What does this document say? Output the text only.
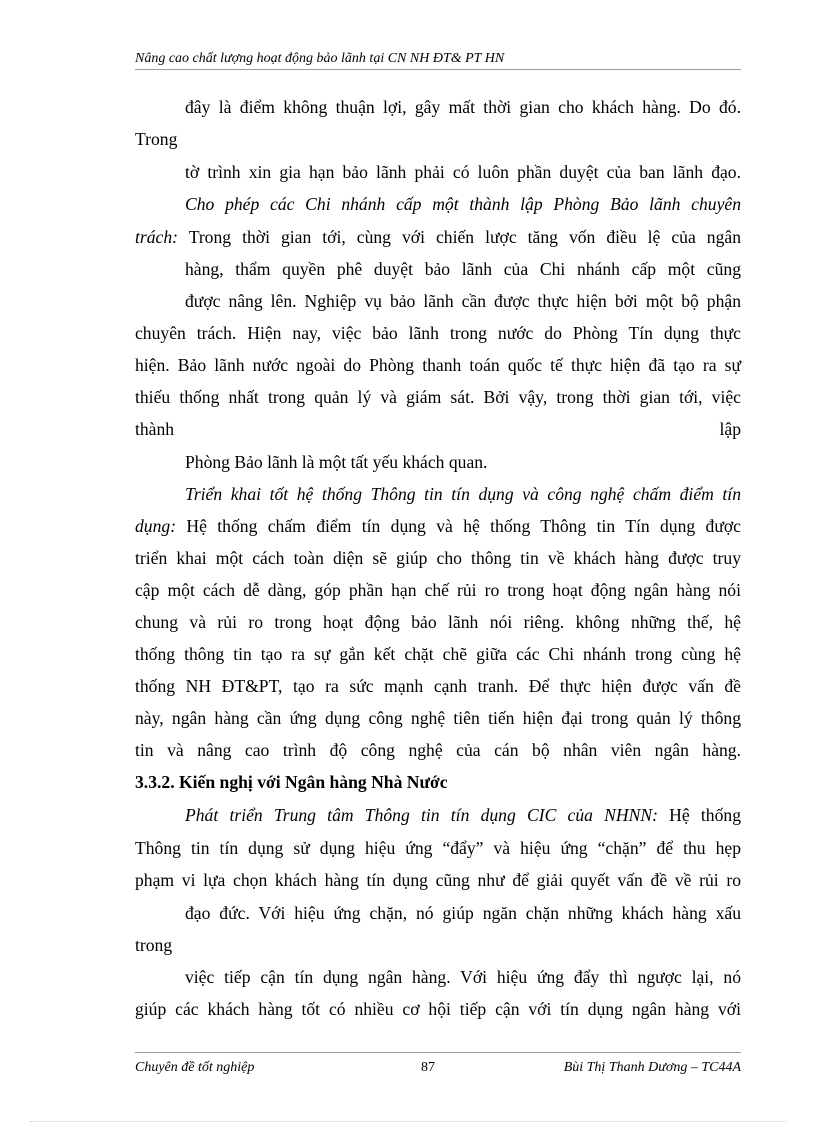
Nâng cao chất lượng hoạt động bảo lãnh tại CN NH ĐT& PT HN
đây là điểm không thuận lợi, gây mất thời gian cho khách hàng. Do đó.
Trong
tờ trình xin gia hạn bảo lãnh phải có luôn phần duyệt của ban lãnh đạo.
Cho phép các Chi nhánh cấp một thành lập Phòng Bảo lãnh chuyên
trách: Trong thời gian tới, cùng với chiến lược tăng vốn điều lệ của ngân
hàng, thẩm quyền phê duyệt bảo lãnh của Chi nhánh cấp một cũng
được nâng lên. Nghiệp vụ bảo lãnh cần được thực hiện bởi một bộ phận
chuyên trách. Hiện nay, việc bảo lãnh trong nước do Phòng Tín dụng thực
hiện. Bảo lãnh nước ngoài do Phòng thanh toán quốc tế thực hiện đã tạo ra sự
thiếu thống nhất trong quản lý và giám sát. Bởi vậy, trong thời gian tới, việc
thành	lập
Phòng Bảo lãnh là một tất yếu khách quan.
Triển khai tốt hệ thống Thông tin tín dụng và công nghệ chấm điểm tín
dụng: Hệ thống chấm điểm tín dụng và hệ thống Thông tin Tín dụng được
triển khai một cách toàn diện sẽ giúp cho thông tin về khách hàng được truy
cập một cách dễ dàng, góp phần hạn chế rủi ro trong hoạt động ngân hàng nói
chung và rủi ro trong hoạt động bảo lãnh nói riêng. không những thế, hệ
thống thông tin tạo ra sự gắn kết chặt chẽ giữa các Chi nhánh trong cùng hệ
thống NH ĐT&PT, tạo ra sức mạnh cạnh tranh. Để thực hiện được vấn đề
này, ngân hàng cần ứng dụng công nghệ tiên tiến hiện đại trong quản lý thông
tin và nâng cao trình độ công nghệ của cán bộ nhân viên ngân hàng.
3.3.2. Kiến nghị với Ngân hàng Nhà Nước
Phát triển Trung tâm Thông tin tín dụng CIC của NHNN: Hệ thống
Thông tin tín dụng sử dụng hiệu ứng “đẩy” và hiệu ứng “chặn” để thu hẹp
phạm vi lựa chọn khách hàng tín dụng cũng như để giải quyết vấn đề về rủi ro
đạo đức. Với hiệu ứng chặn, nó giúp ngăn chặn những khách hàng xấu
trong
việc tiếp cận tín dụng ngân hàng. Với hiệu ứng đẩy thì ngược lại, nó
giúp các khách hàng tốt có nhiều cơ hội tiếp cận với tín dụng ngân hàng với
Chuyên đề tốt nghiệp	87	Bùi Thị Thanh Dương – TC44A
